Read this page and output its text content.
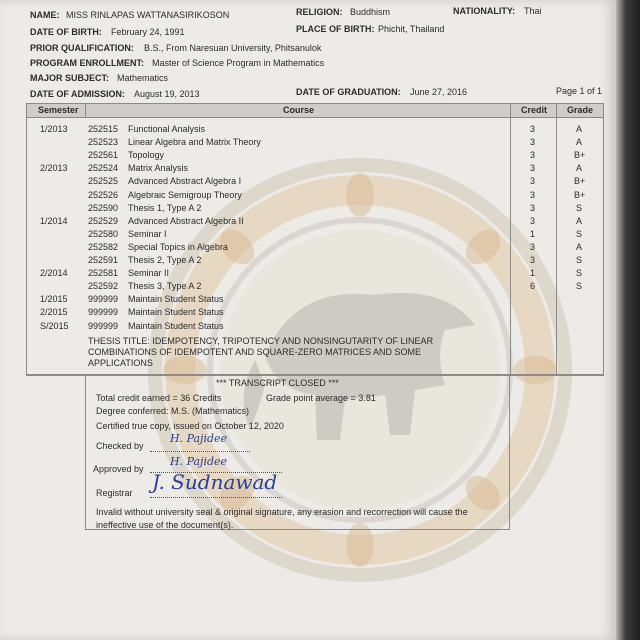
NAME: MISS RINLAPAS WATTANASIRIKOSON	RELIGION: Buddhism	NATIONALITY: Thai
DATE OF BIRTH: February 24, 1991	PLACE OF BIRTH: Phichit, Thailand
PRIOR QUALIFICATION: B.S., From Naresuan University, Phitsanulok
PROGRAM ENROLLMENT: Master of Science Program in Mathematics
MAJOR SUBJECT: Mathematics
DATE OF ADMISSION: August 19, 2013	DATE OF GRADUATION: June 27, 2016	Page 1 of 1
Semester	Course	Credit Grade
1/2013 252515 Functional Analysis	3	A
252523 Linear Algebra and Matrix Theory	3	A
252561 Topology	3	B+
2/2013 252524 Matrix Analysis	3	A
252525 Advanced Abstract Algebra I	3	B+
252526 Algebraic Semigroup Theory	3	B+
252590 Thesis 1, Type A 2	3	S
1/2014 252529 Advanced Abstract Algebra II	3	A
252580 Seminar I	1	S
252582 Special Topics in Algebra	3	A
252591 Thesis 2, Type A 2	3	S
2/2014 252581 Seminar II	1	S
252592 Thesis 3, Type A 2	6	S
1/2015 999999 Maintain Student Status
2/2015 999999 Maintain Student Status
S/2015 999999 Maintain Student Status
THESIS TITLE: IDEMPOTENCY, TRIPOTENCY AND NONSINGUTARITY OF LINEAR
COMBINATIONS OF IDEMPOTENT AND SQUARE-ZERO MATRICES AND SOME
APPLICATIONS
*** TRANSCRIPT CLOSED ***
Total credit earned = 36 Credits	Grade point average = 3.81
Degree conferred: M.S. (Mathematics)
Certified true copy, issued on October 12, 2020
Checked by
H. Pajidee
Approved by
H. Pajidee
Registrar J. Sudnawad
Invalid without university seal & original signature, any erasion and recorrection will cause the
ineffective use of the document(s).
